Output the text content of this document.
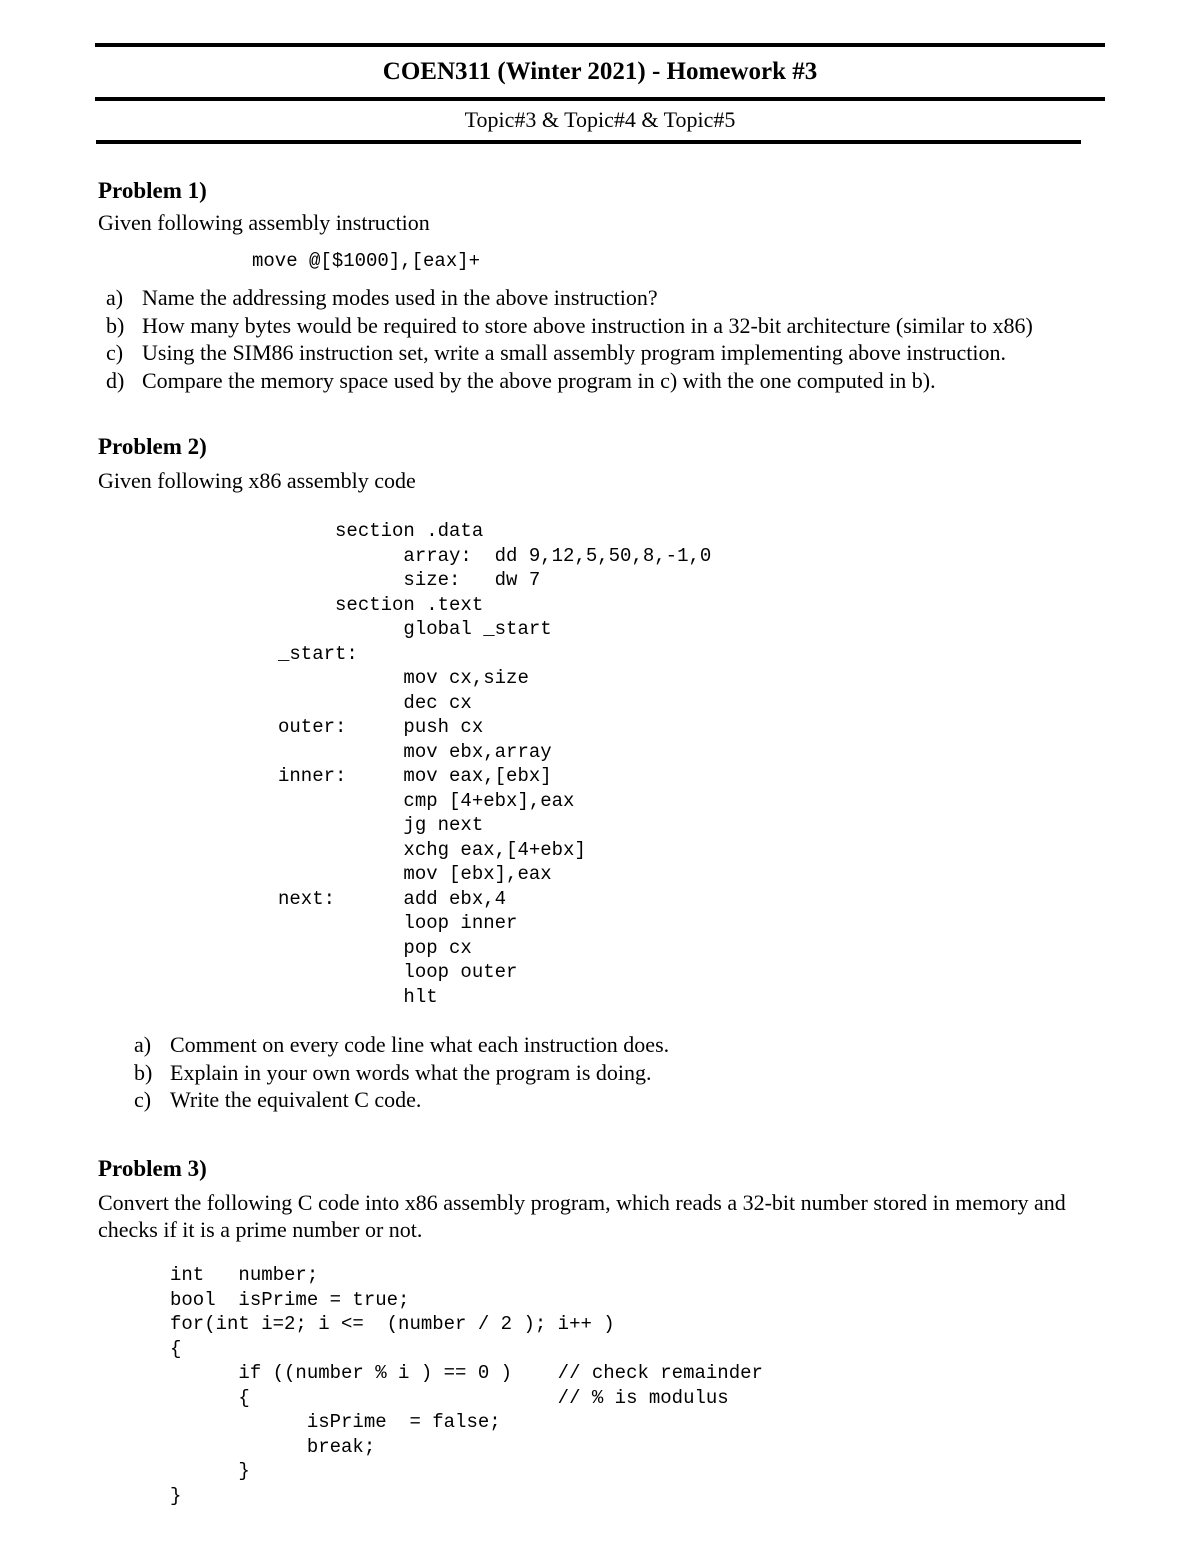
COEN311 (Winter 2021) - Homework #3
Topic#3 & Topic#4 & Topic#5
Problem 1)
Given following assembly instruction
move @[$1000],[eax]+
a) Name the addressing modes used in the above instruction?
b) How many bytes would be required to store above instruction in a 32-bit architecture (similar to x86)
c) Using the SIM86 instruction set, write a small assembly program implementing above instruction.
d) Compare the memory space used by the above program in c) with the one computed in b).
Problem 2)
Given following x86 assembly code
section .data
array:  dd 9,12,5,50,8,-1,0
size:   dw 7
section .text
global _start
_start:
mov cx,size
dec cx
outer:     push cx
mov ebx,array
inner:     mov eax,[ebx]
cmp [4+ebx],eax
jg next
xchg eax,[4+ebx]
mov [ebx],eax
next:      add ebx,4
loop inner
pop cx
loop outer
hlt
a) Comment on every code line what each instruction does.
b) Explain in your own words what the program is doing.
c) Write the equivalent C code.
Problem 3)
Convert the following C code into x86 assembly program, which reads a 32-bit number stored in memory and checks if it is a prime number or not.
int   number;
bool  isPrime = true;
for(int i=2; i <=  (number / 2 ); i++ )
{
if ((number % i ) == 0 )    // check remainder
{                           // % is modulus
isPrime  = false;
break;
}
}
